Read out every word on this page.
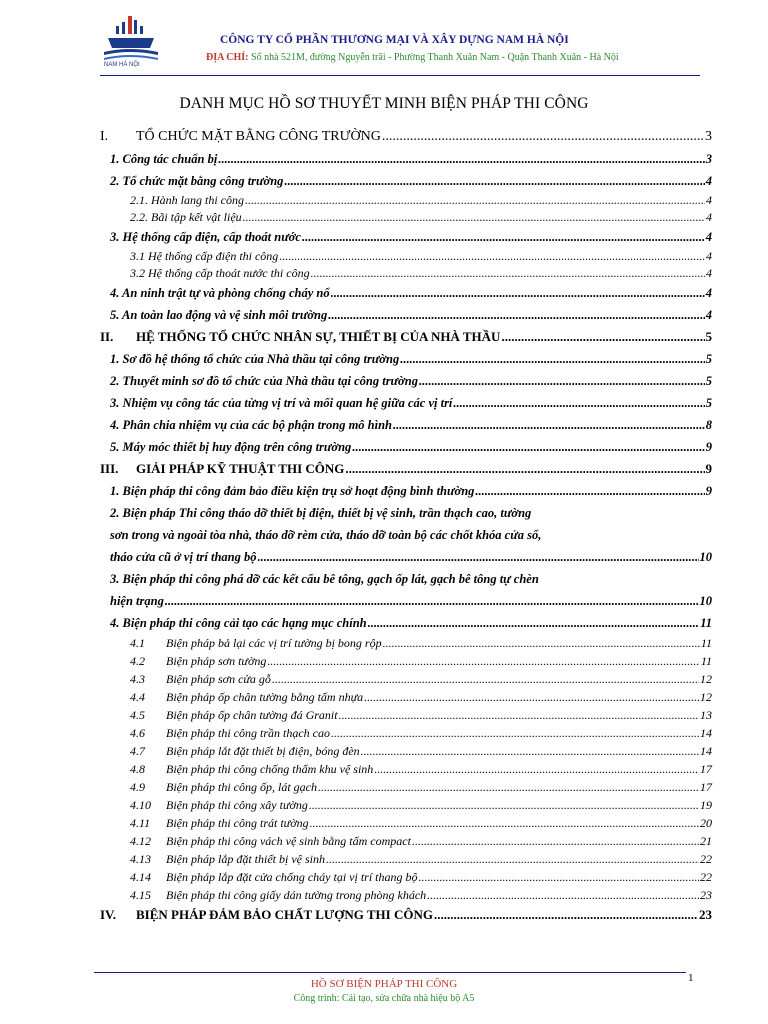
NAM HÀ NỘI
CÔNG TY CỔ PHẦN THƯƠNG MẠI VÀ XÂY DỰNG NAM HÀ NỘI
ĐỊA CHỈ: Số nhà 521M, đường Nguyễn trãi - Phường Thanh Xuân Nam - Quận Thanh Xuân - Hà Nội
DANH MỤC HỒ SƠ THUYẾT MINH BIỆN PHÁP THI CÔNG
I. TỔ CHỨC MẶT BẰNG CÔNG TRƯỜNG .....	3
1. Công tác chuẩn bị .....	3
2. Tổ chức mặt bằng công trường .....	4
2.1. Hành lang thi công .....	4
2.2. Bãi tập kết vật liệu .....	4
3. Hệ thống cấp điện, cấp thoát nước .....	4
3.1 Hệ thống cấp điện thi công .....	4
3.2 Hệ thống cấp thoát nước thi công .....	4
4. An ninh trật tự và phòng chống cháy nổ .....	4
5. An toàn lao động và vệ sinh môi trường .....	4
II. HỆ THỐNG TỔ CHỨC NHÂN SỰ, THIẾT BỊ CỦA NHÀ THẦU .....	5
1. Sơ đồ hệ thống tổ chức của Nhà thầu tại công trường .....	5
2. Thuyết minh sơ đồ tổ chức của Nhà thầu tại công trường .....	5
3. Nhiệm vụ công tác của từng vị trí và mối quan hệ giữa các vị trí .....	5
4. Phân chia nhiệm vụ của các bộ phận trong mô hình .....	8
5. Máy móc thiết bị huy động trên công trường .....	9
III. GIẢI PHÁP KỸ THUẬT THI CÔNG .....	9
1. Biện pháp thi công đảm bảo điều kiện trụ sở hoạt động bình thường .....	9
2. Biện pháp Thi công tháo dỡ thiết bị điện, thiết bị vệ sinh, trần thạch cao, tường
sơn trong và ngoài tòa nhà, tháo dỡ rèm cửa, tháo dỡ toàn bộ các chốt khóa cửa sổ,
tháo cửa cũ ở vị trí thang bộ .....	10
3. Biện pháp thi công phá dỡ các kết cấu bê tông, gạch ốp lát, gạch bê tông tự chèn
hiện trạng .....	10
4. Biện pháp thi công cải tạo các hạng mục chính .....	11
4.1 Biện pháp bả lại các vị trí tường bị bong rộp .....	11
4.2 Biện pháp sơn tường .....	11
4.3 Biện pháp sơn cửa gỗ .....	12
4.4 Biện pháp ốp chân tường bằng tấm nhựa .....	12
4.5 Biện pháp ốp chân tường đá Granit .....	13
4.6 Biện pháp thi công trần thạch cao .....	14
4.7 Biện pháp lắt đặt thiết bị điện, bóng đèn .....	14
4.8 Biện pháp thi công chống thấm khu vệ sinh .....	17
4.9 Biện pháp thi công ốp, lát gạch .....	17
4.10 Biện pháp thi công xây tường .....	19
4.11 Biện pháp thi công trát tường .....	20
4.12 Biện pháp thi công vách vệ sinh bằng tấm compact .....	21
4.13 Biện pháp lắp đặt thiết bị vệ sinh .....	22
4.14 Biện pháp lắp đặt cửa chống cháy tại vị trí thang bộ .....	22
4.15 Biện pháp thi công giấy dán tường trong phòng khách .....	23
IV. BIỆN PHÁP ĐẢM BẢO CHẤT LƯỢNG THI CÔNG .....	23
1
HỒ SƠ BIỆN PHÁP THI CÔNG
Công trình: Cải tạo, sửa chữa nhà hiệu bộ A5
